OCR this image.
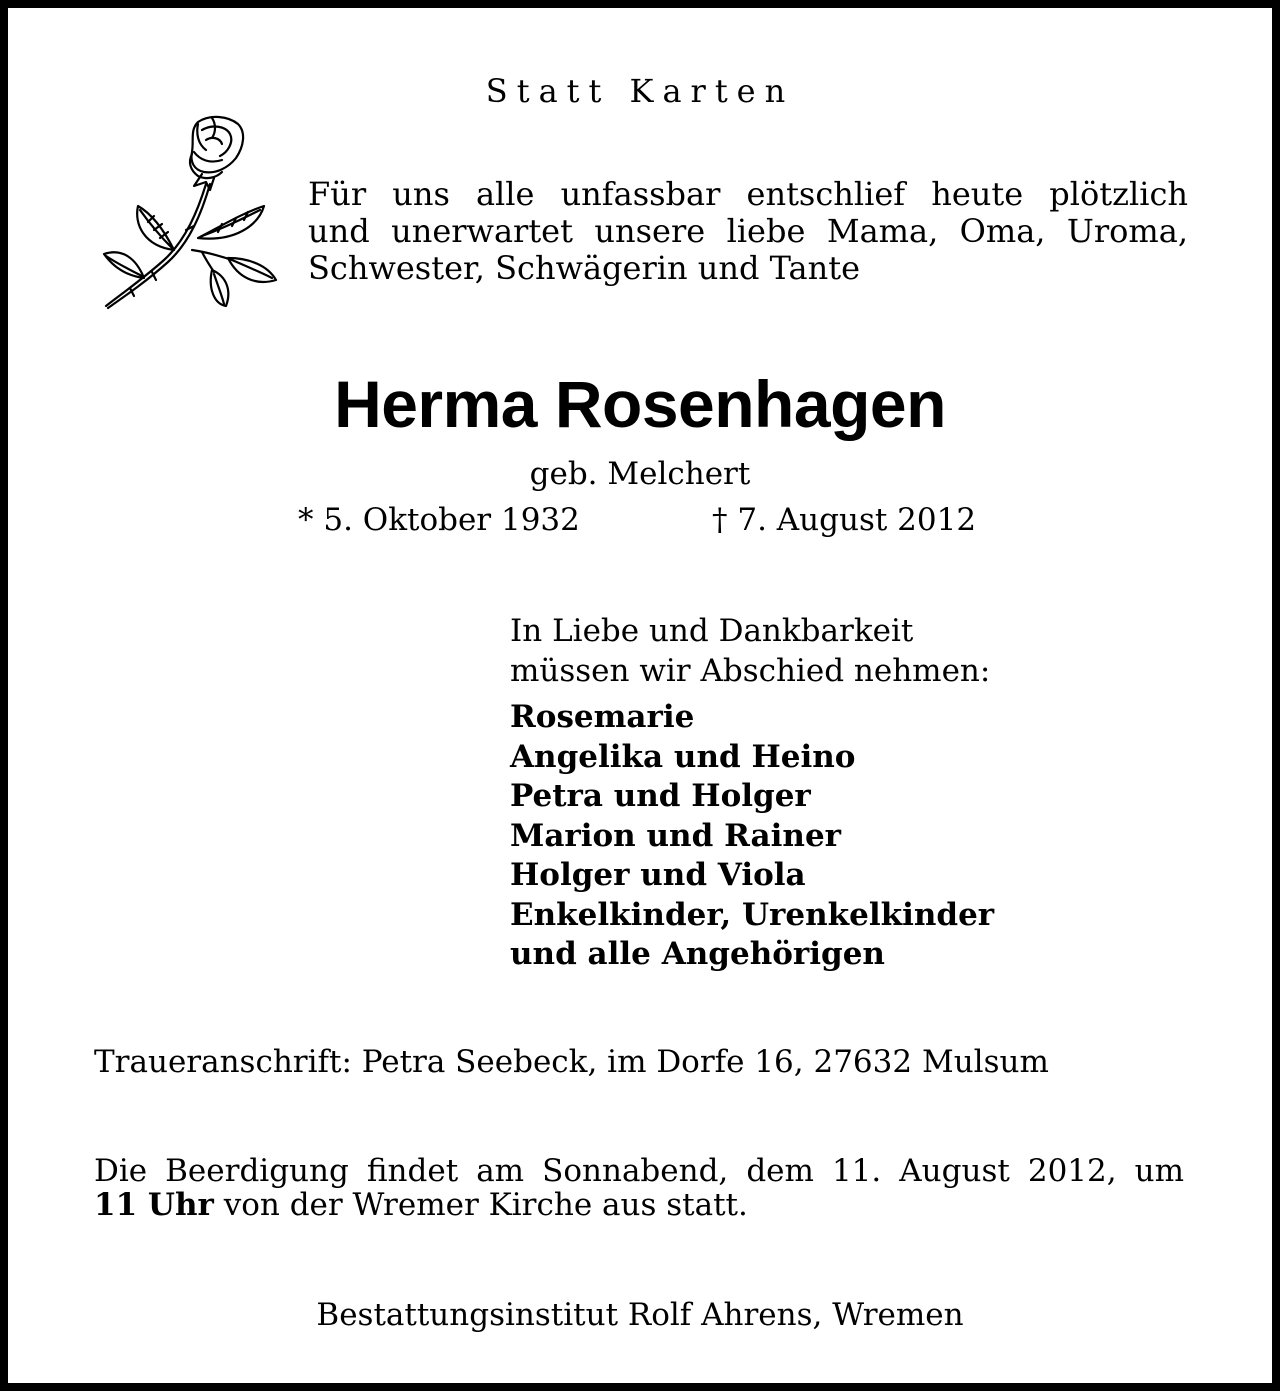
Statt Karten

Für uns alle unfassbar entschlief heute plötzlich
und unerwartet unsere liebe Mama, Oma, Uroma,
Schwester, Schwägerin und Tante
Herma Rosenhagen

geb. Melchert

* 5. Oktober 1932	† 7. August 2012

In Liebe und Dankbarkeit
müssen wir Abschied nehmen:
Rosemarie
Angelika und Heino
Petra und Holger
Marion und Rainer
Holger und Viola
Enkelkinder, Urenkelkinder
und alle Angehörigen

Traueranschrift: Petra Seebeck, im Dorfe 16, 27632 Mulsum

Die Beerdigung findet am Sonnabend, dem 11. August 2012, um
11 Uhr von der Wremer Kirche aus statt.

Bestattungsinstitut Rolf Ahrens, Wremen
